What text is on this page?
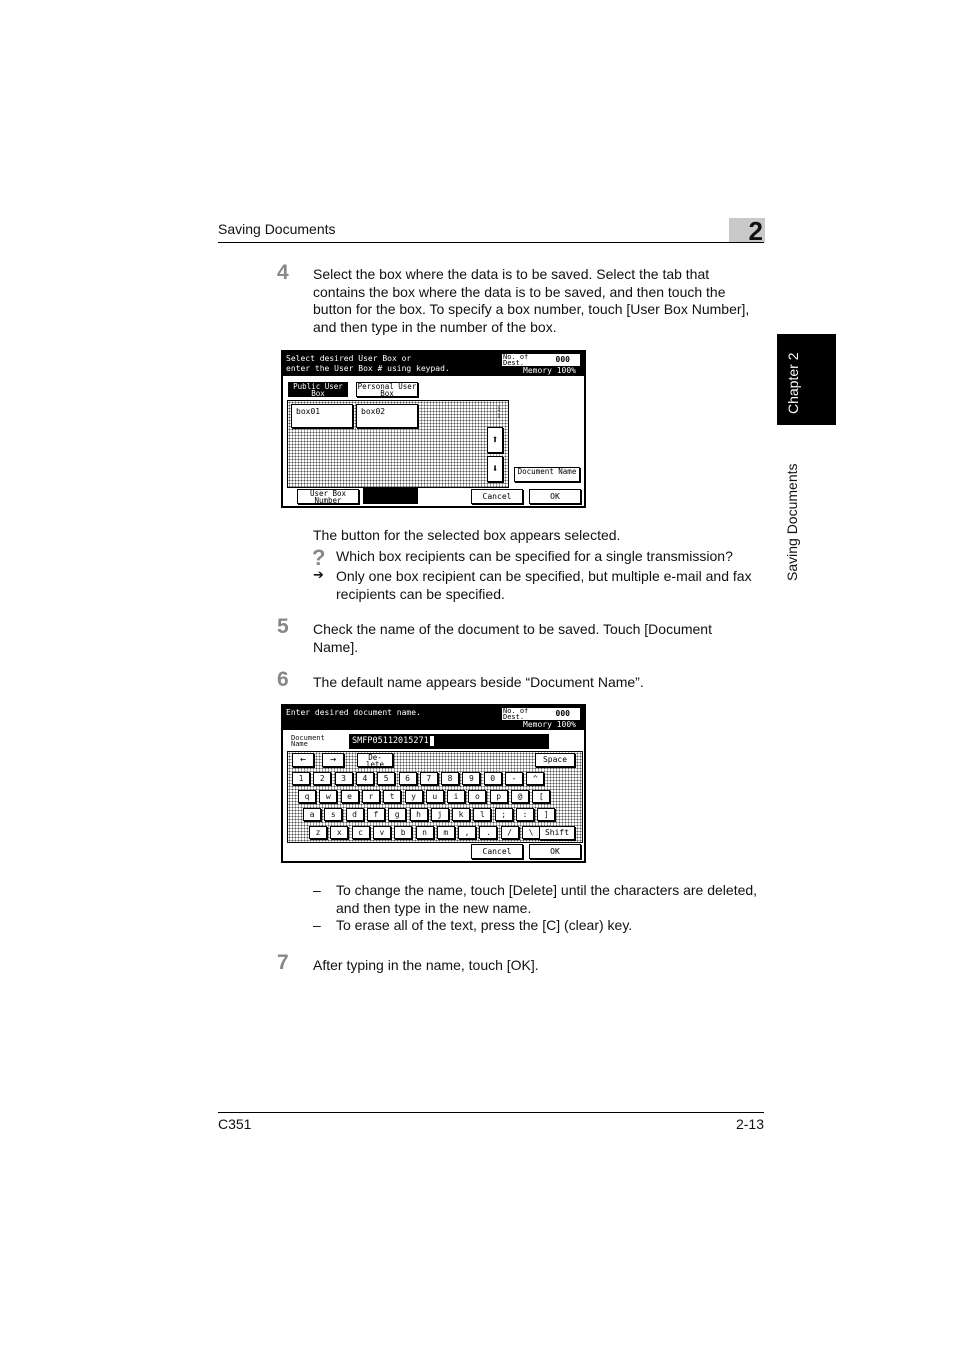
Saving Documents	2
Chapter 2
Saving Documents
4 Select the box where the data is to be saved. Select the tab that contains the box where the data is to be saved, and then touch the button for the box. To specify a box number, touch [User Box Number], and then type in the number of the box.
Select desired User Box or
enter the User Box # using keypad.
No. of Dest.	000
Memory 100%
Public User Box
Personal User Box
box01	box02	1
1
⬆
⬇	Document Name
User Box Number	Cancel	OK
The button for the selected box appears selected.
? Which box recipients can be specified for a single transmission?
➔ Only one box recipient can be specified, but multiple e-mail and fax recipients can be specified.
5 Check the name of the document to be saved. Touch [Document Name].
6 The default name appears beside “Document Name”.
Enter desired document name.	No. of Dest.	000
Memory 100%
Document Name	SMFP05112015271
←	→	De- lete
Space
1	2	3	4	5	6	7	8	9	0	-	^
q	w	e	r	t	y	u	i	o	p	@	[
a	s	d	f	g	h	j	k	l	;	:	]
z	x	c	v	b	n	m	,	.	/	\	Shift
Cancel	OK
– To change the name, touch [Delete] until the characters are deleted, and then type in the new name.
– To erase all of the text, press the [C] (clear) key.
7 After typing in the name, touch [OK].
C351	2-13
